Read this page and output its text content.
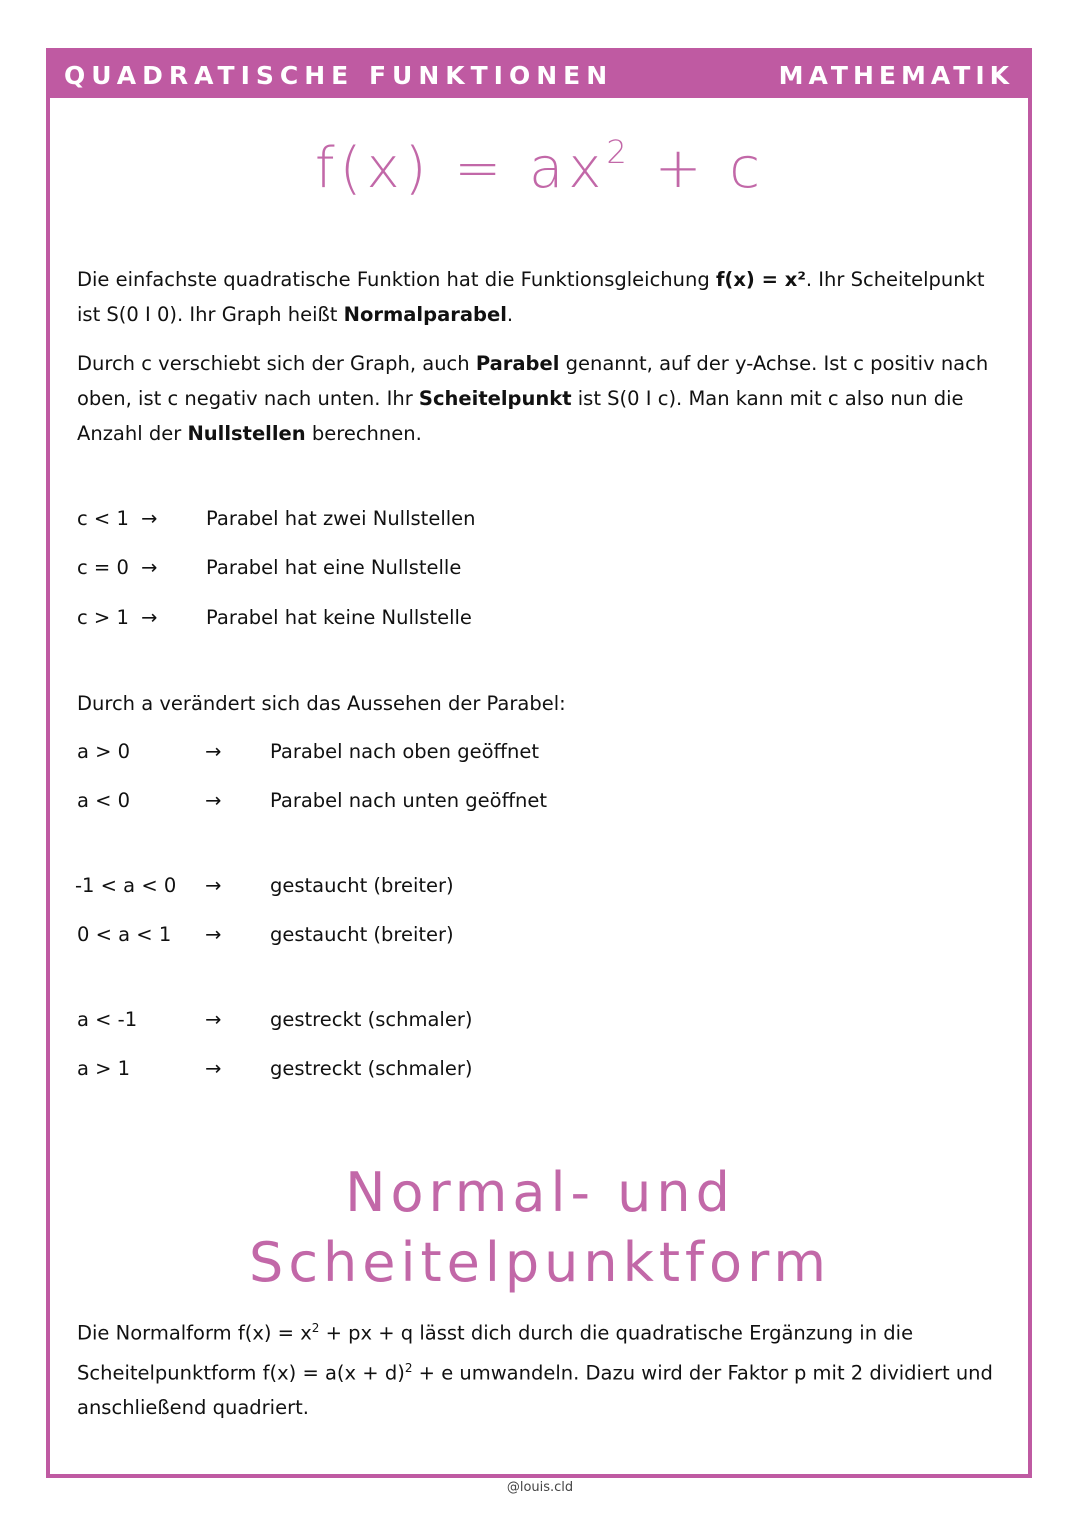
QUADRATISCHE FUNKTIONEN	MATHEMATIK
$f(x) = ax^2 + c$
Die einfachste quadratische Funktion hat die Funktionsgleichung f(x) = x². Ihr Scheitelpunkt ist S(0 I 0). Ihr Graph heißt Normalparabel.
Durch c verschiebt sich der Graph, auch Parabel genannt, auf der y-Achse. Ist c positiv nach oben, ist c negativ nach unten. Ihr Scheitelpunkt ist S(0 I c). Man kann mit c also nun die Anzahl der Nullstellen berechnen.
c < 1 → Parabel hat zwei Nullstellen
c = 0 → Parabel hat eine Nullstelle
c > 1 → Parabel hat keine Nullstelle
Durch a verändert sich das Aussehen der Parabel:
a > 0	→ Parabel nach oben geöffnet
a < 0	→ Parabel nach unten geöffnet
-1 < a < 0 → gestaucht (breiter)
0 < a < 1 → gestaucht (breiter)
a < -1	→ gestreckt (schmaler)
a > 1	→ gestreckt (schmaler)
Normal- und
Scheitelpunktform
Die Normalform $f(x) = x^2$ + px + q lässt dich durch die quadratische Ergänzung in die Scheitelpunktform $f(x) = a(x + d)^2 + e$ umwandeln. Dazu wird der Faktor p mit 2 dividiert und anschließend quadriert.
@louis.cld
